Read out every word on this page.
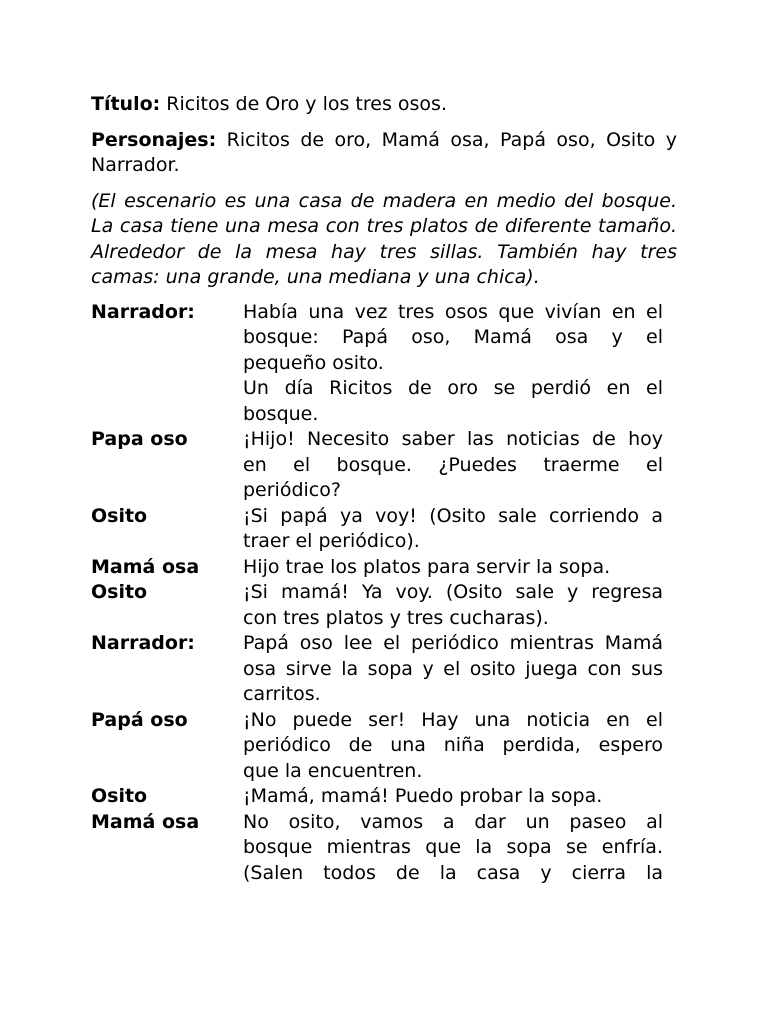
Título: Ricitos de Oro y los tres osos.

Personajes: Ricitos de oro, Mamá osa, Papá oso, Osito y Narrador.

(El escenario es una casa de madera en medio del bosque. La casa tiene una mesa con tres platos de diferente tamaño. Alrededor de la mesa hay tres sillas. También hay tres camas: una grande, una mediana y una chica).

Narrador:	Había una vez tres osos que vivían en el
bosque: Papá oso, Mamá osa y el
pequeño osito.
Un día Ricitos de oro se perdió en el
bosque.
Papa oso	¡Hijo! Necesito saber las noticias de hoy
en el bosque. ¿Puedes traerme el
periódico?
Osito	¡Si papá ya voy! (Osito sale corriendo a
traer el periódico).
Mamá osa	Hijo trae los platos para servir la sopa.
Osito	¡Si mamá! Ya voy. (Osito sale y regresa
con tres platos y tres cucharas).
Narrador:	Papá oso lee el periódico mientras Mamá
osa sirve la sopa y el osito juega con sus
carritos.
Papá oso	¡No puede ser! Hay una noticia en el
periódico de una niña perdida, espero
que la encuentren.
Osito	¡Mamá, mamá! Puedo probar la sopa.
Mamá osa	No osito, vamos a dar un paseo al
bosque mientras que la sopa se enfría.
(Salen todos de la casa y cierra la
